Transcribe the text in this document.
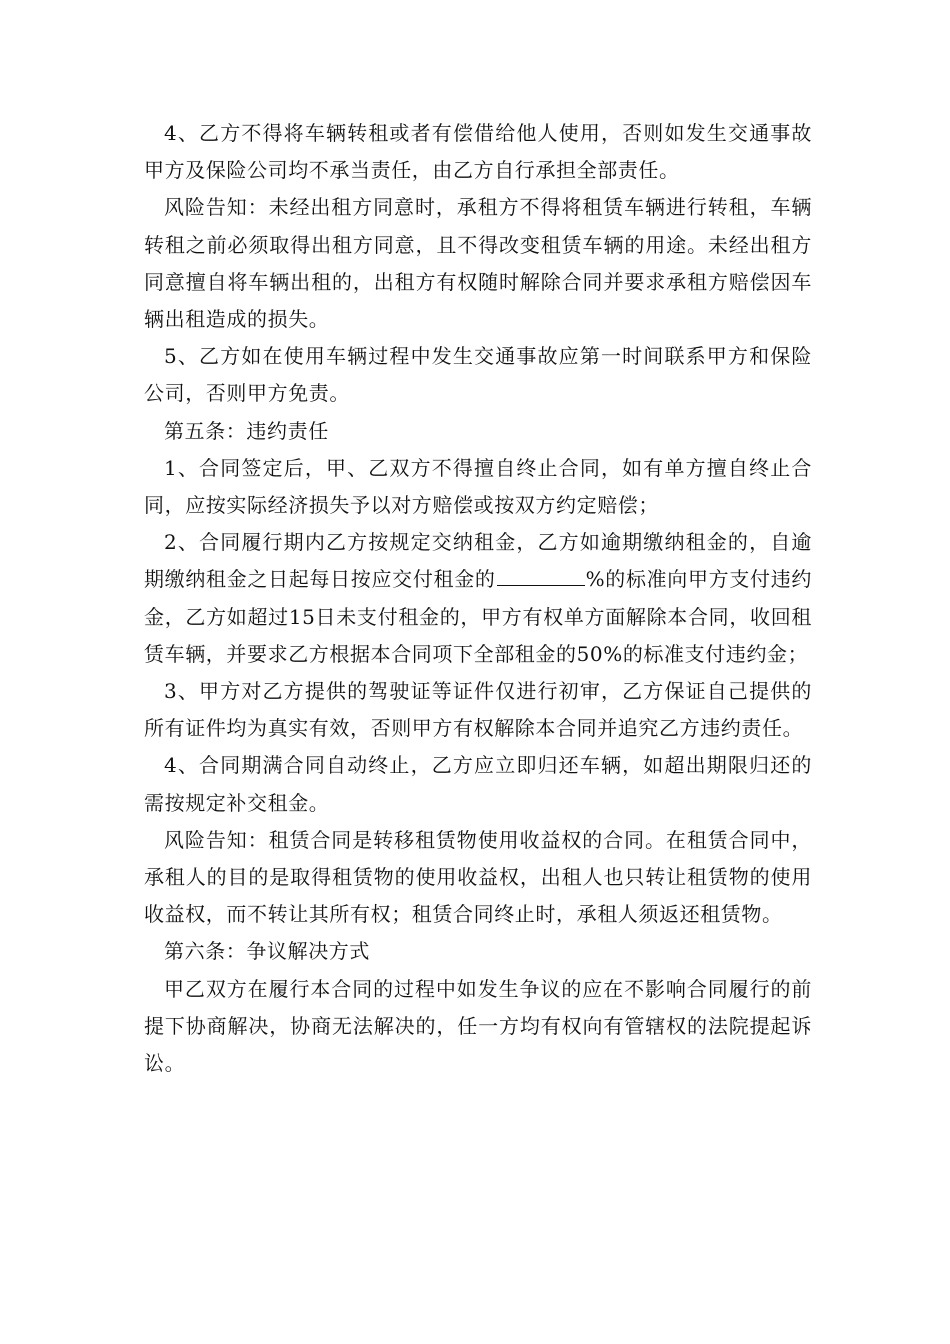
4、乙方不得将车辆转租或者有偿借给他人使用，否则如发生交通事故甲方及保险公司均不承当责任，由乙方自行承担全部责任。

风险告知：未经出租方同意时，承租方不得将租赁车辆进行转租，车辆转租之前必须取得出租方同意，且不得改变租赁车辆的用途。未经出租方同意擅自将车辆出租的，出租方有权随时解除合同并要求承租方赔偿因车辆出租造成的损失。

5、乙方如在使用车辆过程中发生交通事故应第一时间联系甲方和保险公司，否则甲方免责。

第五条：违约责任

1、合同签定后，甲、乙双方不得擅自终止合同，如有单方擅自终止合同，应按实际经济损失予以对方赔偿或按双方约定赔偿；

2、合同履行期内乙方按规定交纳租金，乙方如逾期缴纳租金的，自逾期缴纳租金之日起每日按应交付租金的	%的标准向甲方支付违约金，乙方如超过15日未支付租金的，甲方有权单方面解除本合同，收回租赁车辆，并要求乙方根据本合同项下全部租金的50%的标准支付违约金；

3、甲方对乙方提供的驾驶证等证件仅进行初审，乙方保证自己提供的所有证件均为真实有效，否则甲方有权解除本合同并追究乙方违约责任。

4、合同期满合同自动终止，乙方应立即归还车辆，如超出期限归还的需按规定补交租金。

风险告知：租赁合同是转移租赁物使用收益权的合同。在租赁合同中，承租人的目的是取得租赁物的使用收益权，出租人也只转让租赁物的使用收益权，而不转让其所有权；租赁合同终止时，承租人须返还租赁物。

第六条：争议解决方式

甲乙双方在履行本合同的过程中如发生争议的应在不影响合同履行的前提下协商解决，协商无法解决的，任一方均有权向有管辖权的法院提起诉讼。
